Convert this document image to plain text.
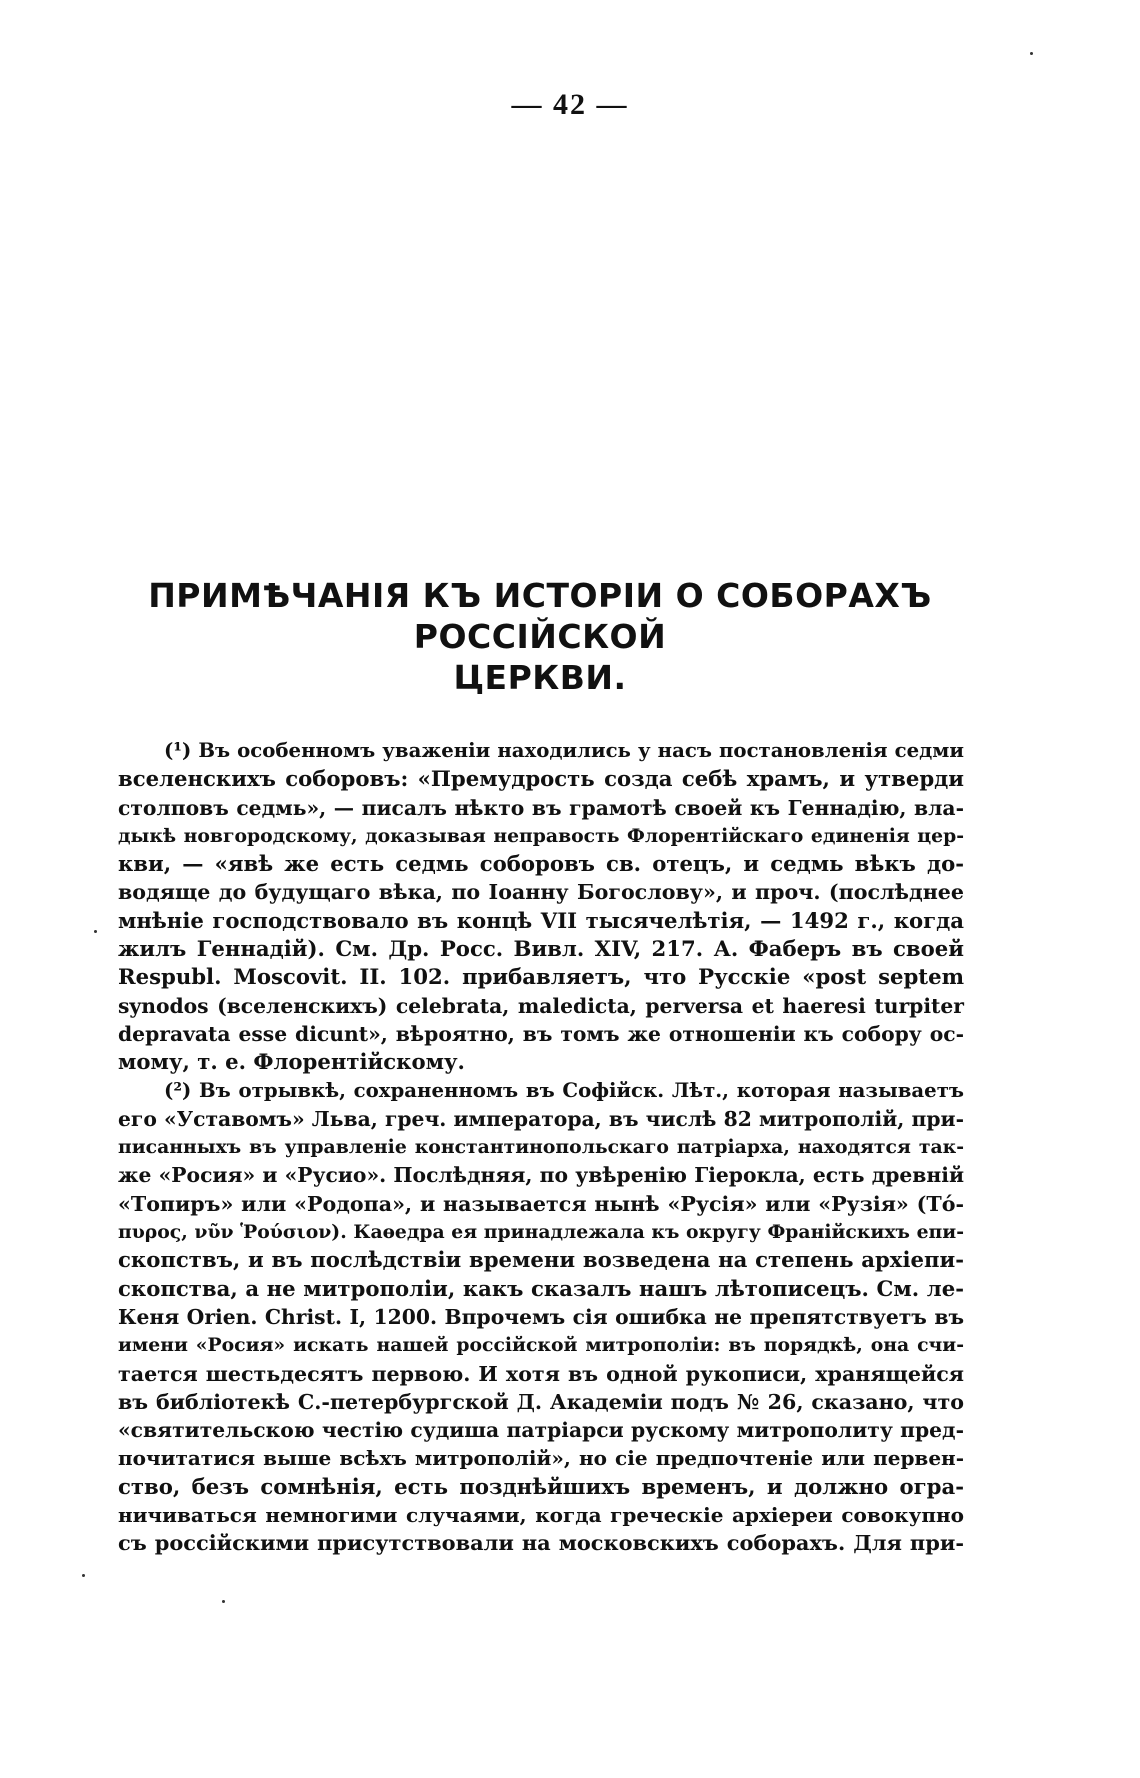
— 42 —
ПРИМѢЧАНІЯ КЪ ИСТОРІИ О СОБОРАХЪ РОССІЙСКОЙ
ЦЕРКВИ.
(¹) Въ особенномъ уваженіи находились у насъ постановленія седми
вселенскихъ соборовъ: «Премудрость созда себѣ храмъ, и утверди
столповъ седмь», — писалъ нѣкто въ грамотѣ своей къ Геннадію, вла-
дыкѣ новгородскому, доказывая неправость Флорентійскаго единенія цер-
кви, — «явѣ же есть седмь соборовъ св. отецъ, и седмь вѣкъ до-
водяще до будущаго вѣка, по Іоанну Богослову», и проч. (послѣднее
мнѣніе господствовало въ концѣ VII тысячелѣтія, — 1492 г., когда
жилъ Геннадій). См. Др. Росс. Вивл. XIV, 217. А. Фаберъ въ своей
Respubl. Moscovit. II. 102. прибавляетъ, что Русскіе «post septem
synodos (вселенскихъ) celebrata, maledicta, perversa et haeresi turpiter
depravata esse dicunt», вѣроятно, въ томъ же отношеніи къ собору ос-
мому, т. е. Флорентійскому.
(²) Въ отрывкѣ, сохраненномъ въ Софійск. Лѣт., которая называетъ
его «Уставомъ» Льва, греч. императора, въ числѣ 82 митрополій, при-
писанныхъ въ управленіе константинопольскаго патріарха, находятся так-
же «Росия» и «Русио». Послѣдняя, по увѣренію Гіерокла, есть древній
«Топиръ» или «Родопа», и называется нынѣ «Русія» или «Рузія» (Τό-
πυρος, νῦν Ῥούσιον). Каѳедра ея принадлежала къ округу Франійскихъ епи-
скопствъ, и въ послѣдствіи времени возведена на степень архіепи-
скопства, а не митрополіи, какъ сказалъ нашъ лѣтописецъ. См. ле-
Кеня Orien. Christ. I, 1200. Впрочемъ сія ошибка не препятствуетъ въ
имени «Росия» искать нашей россійской митрополіи: въ порядкѣ, она счи-
тается шестьдесятъ первою. И хотя въ одной рукописи, хранящейся
въ библіотекѣ С.-петербургской Д. Академіи подъ № 26, сказано, что
«святительскою честію судиша патріарси рускому митрополиту пред-
почитатися выше всѣхъ митрополій», но сіе предпочтеніе или первен-
ство, безъ сомнѣнія, есть позднѣйшихъ временъ, и должно огра-
ничиваться немногими случаями, когда греческіе архіереи совокупно
съ россійскими присутствовали на московскихъ соборахъ. Для при-
